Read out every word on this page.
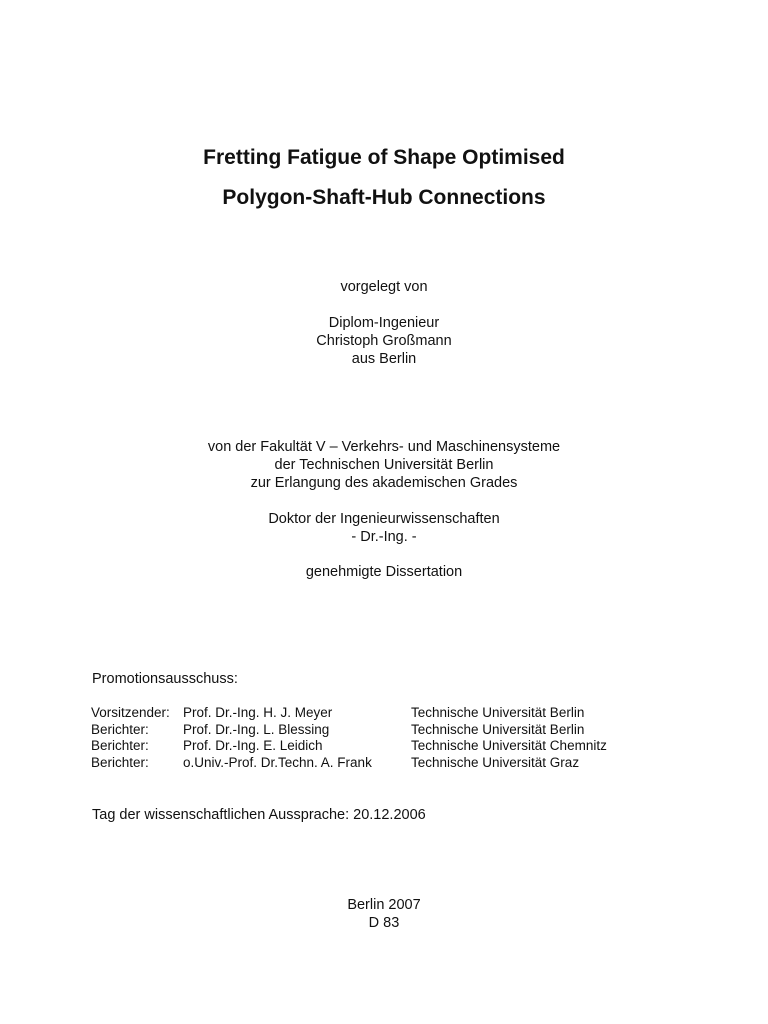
Fretting Fatigue of Shape Optimised
Polygon-Shaft-Hub Connections
vorgelegt von
Diplom-Ingenieur
Christoph Großmann
aus Berlin
von der Fakultät V – Verkehrs- und Maschinensysteme
der Technischen Universität Berlin
zur Erlangung des akademischen Grades
Doktor der Ingenieurwissenschaften
- Dr.-Ing. -
genehmigte Dissertation
Promotionsausschuss:
Vorsitzender: Prof. Dr.-Ing. H. J. Meyer	Technische Universität Berlin
Berichter:	Prof. Dr.-Ing. L. Blessing	Technische Universität Berlin
Berichter:	Prof. Dr.-Ing. E. Leidich	Technische Universität Chemnitz
Berichter:	o.Univ.-Prof. Dr.Techn. A. Frank	Technische Universität Graz
Tag der wissenschaftlichen Aussprache: 20.12.2006
Berlin 2007
D 83
